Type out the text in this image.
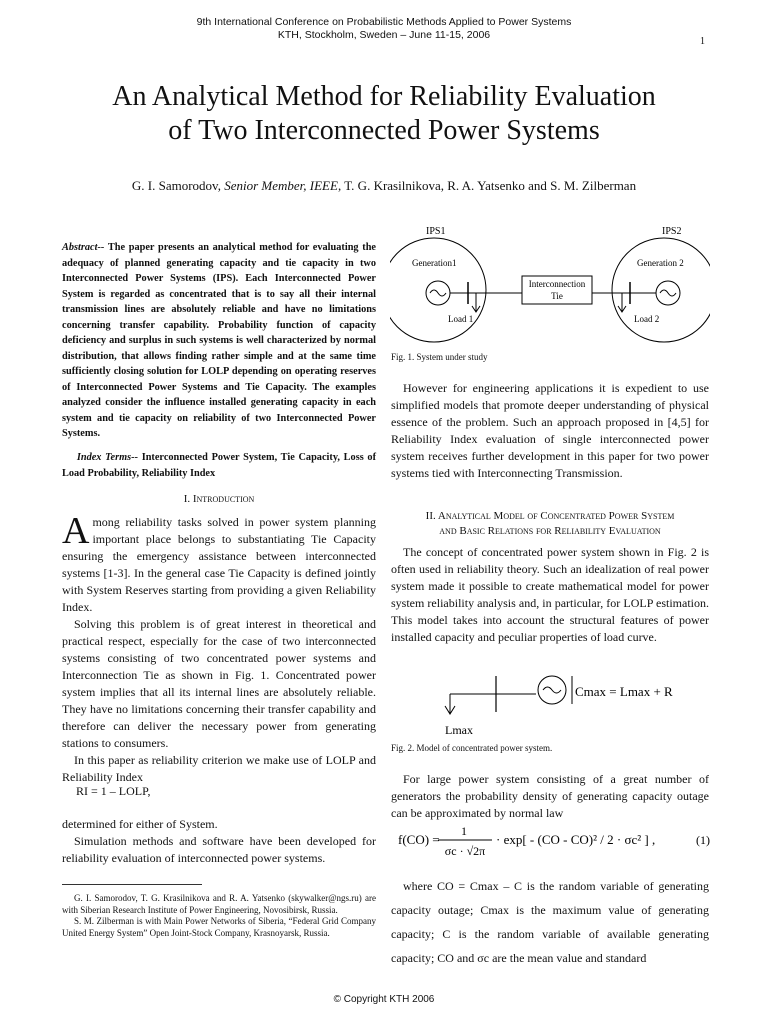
9th International Conference on Probabilistic Methods Applied to Power Systems
KTH, Stockholm, Sweden – June 11-15, 2006
1
An Analytical Method for Reliability Evaluation
of Two Interconnected Power Systems
G. I. Samorodov, Senior Member, IEEE, T. G. Krasilnikova, R. A. Yatsenko and S. M. Zilberman
Abstract-- The paper presents an analytical method for evaluating the adequacy of planned generating capacity and tie capacity in two Interconnected Power Systems (IPS). Each Interconnected Power System is regarded as concentrated that is to say all their internal transmission lines are absolutely reliable and have no limitations concerning transfer capability. Probability function of capacity deficiency and surplus in such systems is well characterized by normal distribution, that allows finding rather simple and at the same time sufficiently closing solution for LOLP depending on operating reserves of Interconnected Power Systems and Tie Capacity. The examples analyzed consider the influence installed generating capacity in each system and tie capacity on reliability of two Interconnected Power Systems.
Index Terms-- Interconnected Power System, Tie Capacity, Loss of Load Probability, Reliability Index
I. Introduction

Among reliability tasks solved in power system planning important place belongs to substantiating Tie Capacity ensuring the emergency assistance between interconnected systems [1-3]. In the general case Tie Capacity is defined jointly with System Reserves starting from providing a given Reliability Index.

Solving this problem is of great interest in theoretical and practical respect, especially for the case of two interconnected systems consisting of two concentrated power systems and Interconnection Tie as shown in Fig. 1. Concentrated power system implies that all its internal lines are absolutely reliable. They have no limitations concerning their transfer capability and therefore can deliver the necessary power from generating stations to consumers.

In this paper as reliability criterion we make use of LOLP and Reliability Index

RI = 1 – LOLP,

determined for either of System.

Simulation methods and software have been developed for reliability evaluation of interconnected power systems.

G. I. Samorodov, T. G. Krasilnikova and R. A. Yatsenko (skywalker@ngs.ru) are with Siberian Research Institute of Power Engineering, Novosibirsk, Russia.

S. M. Zilberman is with Main Power Networks of Siberia, “Federal Grid Company United Energy System” Open Joint-Stock Company, Krasnoyarsk, Russia.

IPS1	IPS2
Generation1	Generation 2
Load 1	Load 2
Interconnection
Tie
Fig. 1. System under study

However for engineering applications it is expedient to use simplified models that promote deeper understanding of physical essence of the problem. Such an approach proposed in [4,5] for Reliability Index evaluation of single interconnected power system receives further development in this paper for two power systems tied with Interconnecting Transmission.

II. Analytical Model of Concentrated Power System
and Basic Relations for Reliability Evaluation

The concept of concentrated power system shown in Fig. 2 is often used in reliability theory. Such an idealization of real power system made it possible to create mathematical model for power system reliability analysis and, in particular, for LOLP estimation. This model takes into account the structural features of power installed capacity and peculiar properties of load curve.

Cmax = Lmax + R
Lmax
Fig. 2. Model of concentrated power system.

For large power system consisting of a great number of generators the probability density of generating capacity outage can be approximated by normal law

f(CO) =
1
σc · √2π
· exp[ - (CO - CO)² / 2 · σc² ] ,	(1)

where CO = Cmax – C is the random variable of generating capacity outage; Cmax is the maximum value of generating capacity; C is the random variable of available generating capacity; CO and σc are the mean value and standard

© Copyright KTH 2006
